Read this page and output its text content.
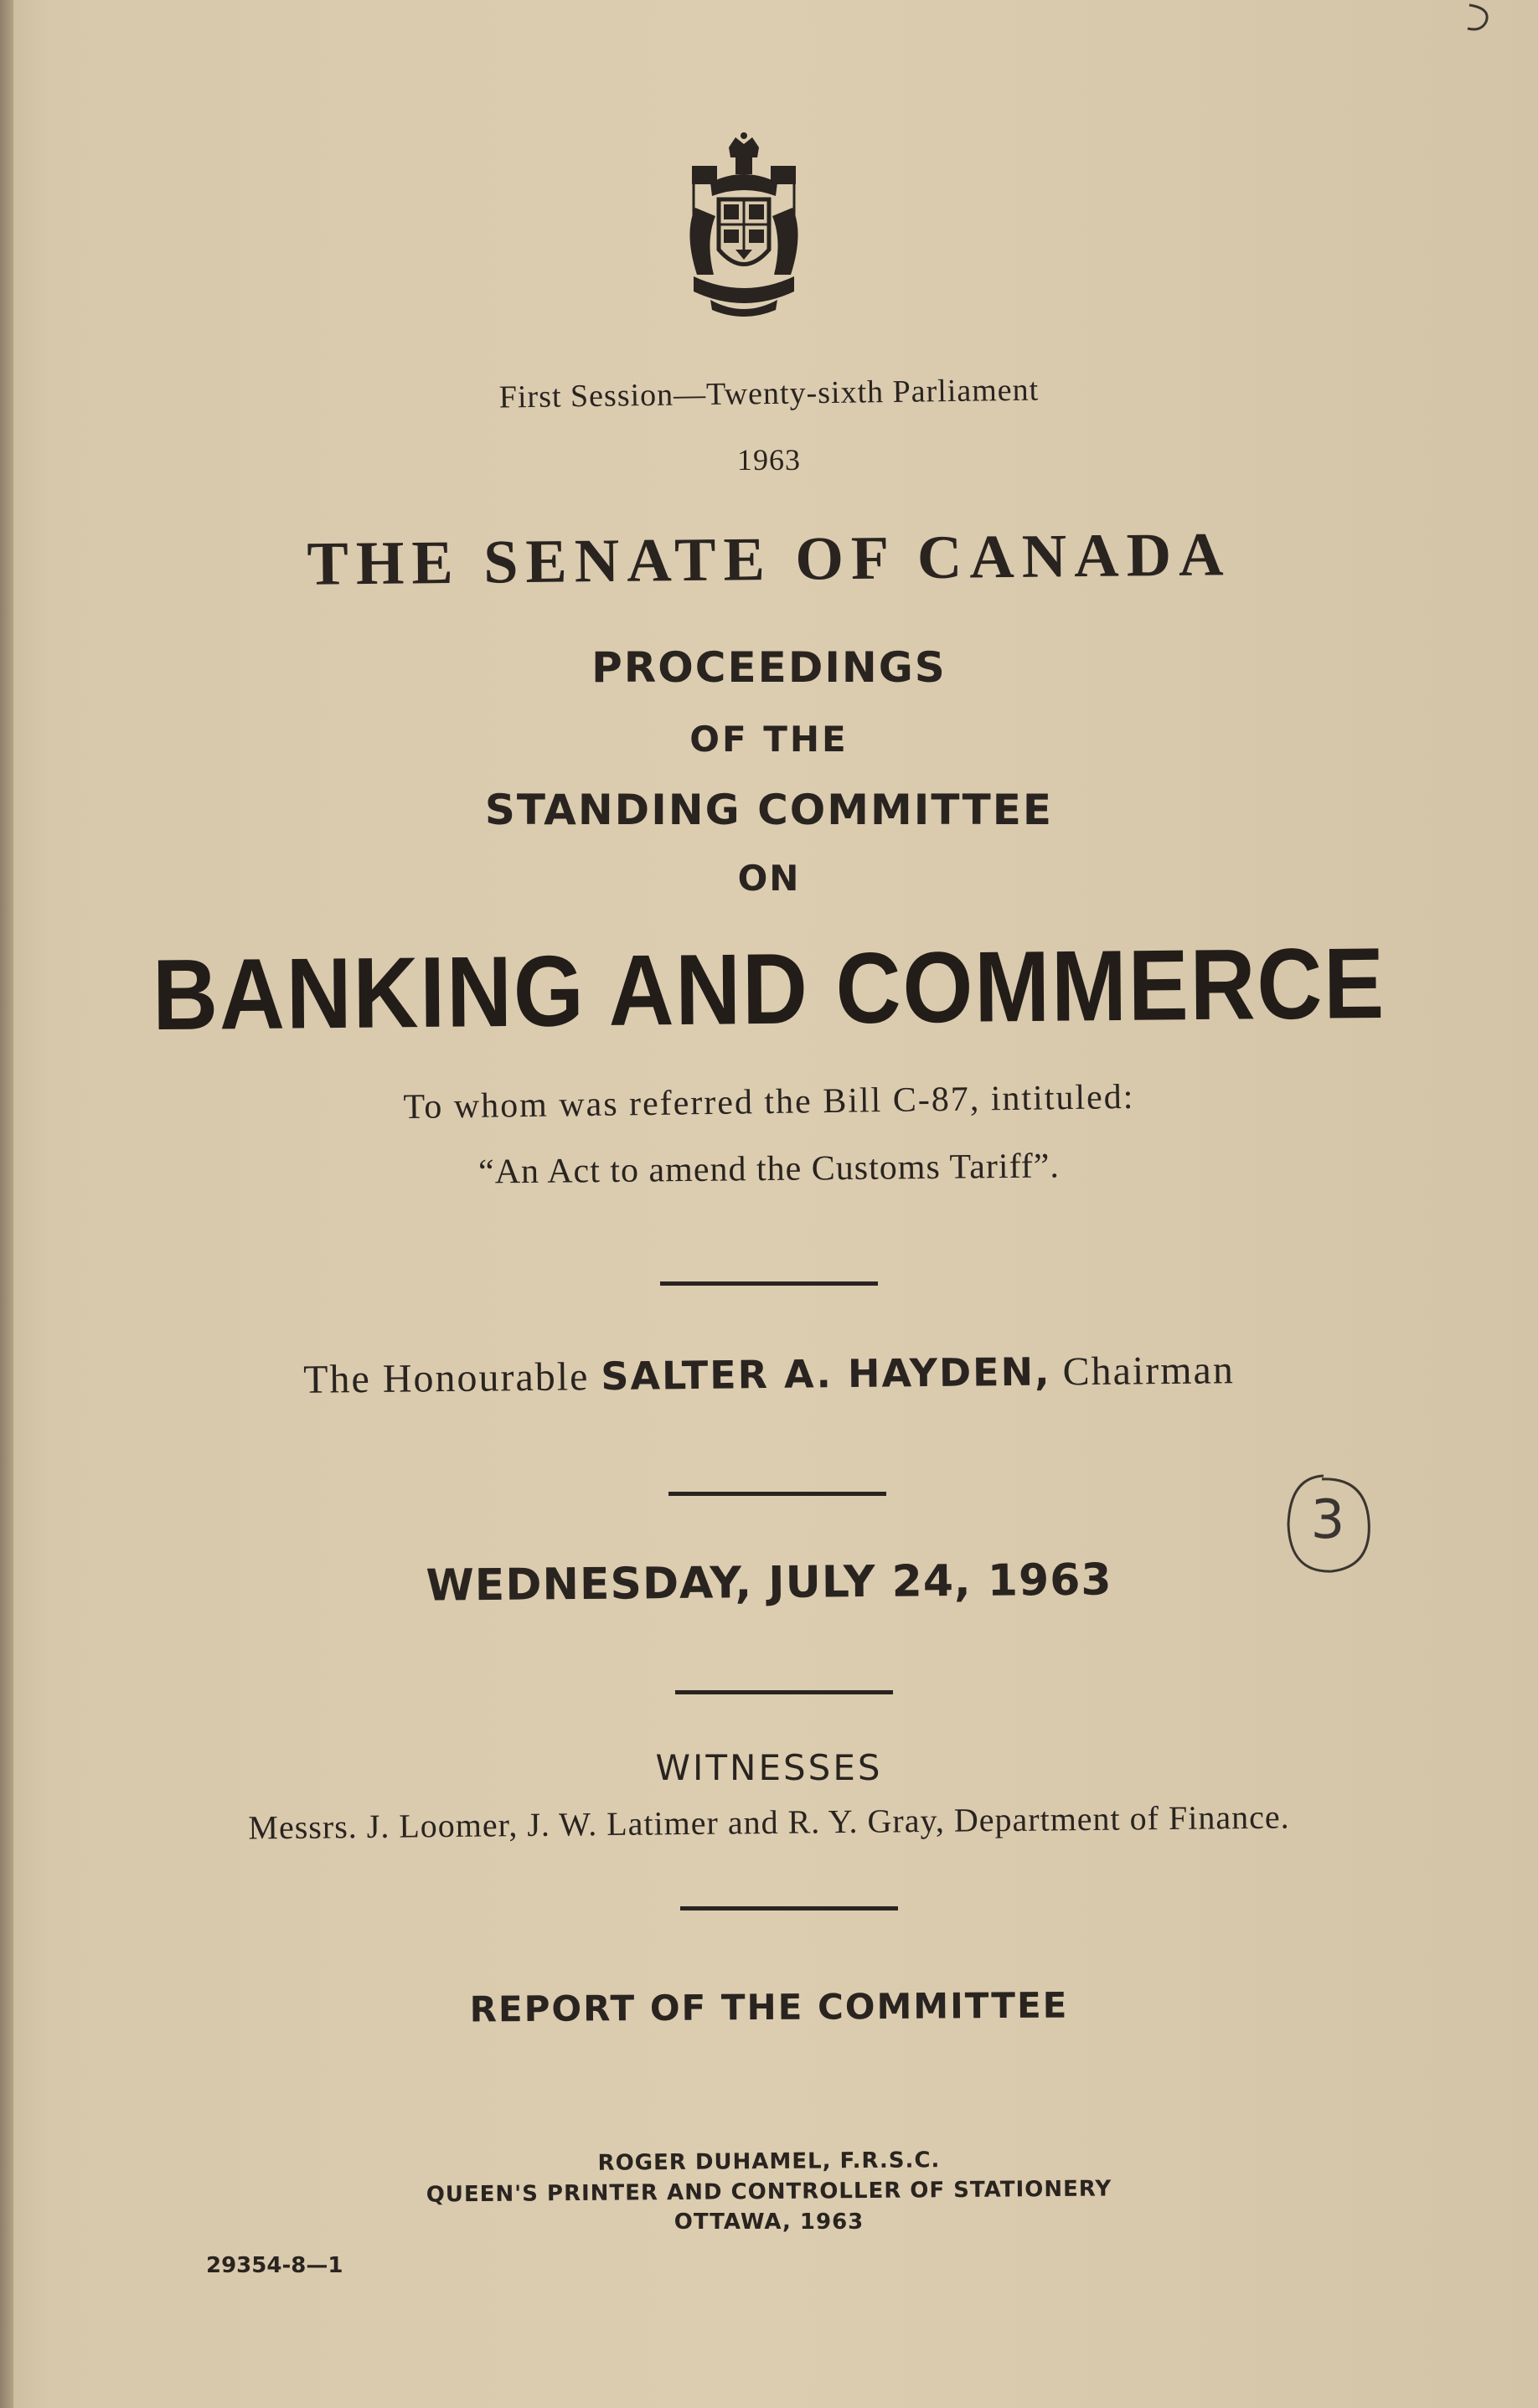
First Session—Twenty-sixth Parliament
1963
THE SENATE OF CANADA
PROCEEDINGS
OF THE
STANDING COMMITTEE
ON
BANKING AND COMMERCE
To whom was referred the Bill C-87, intituled:
“An Act to amend the Customs Tariff”.
The Honourable SALTER A. HAYDEN, Chairman
3
WEDNESDAY, JULY 24, 1963
WITNESSES
Messrs. J. Loomer, J. W. Latimer and R. Y. Gray, Department of Finance.
REPORT OF THE COMMITTEE
ROGER DUHAMEL, F.R.S.C.
QUEEN'S PRINTER AND CONTROLLER OF STATIONERY
OTTAWA, 1963
29354-8—1
